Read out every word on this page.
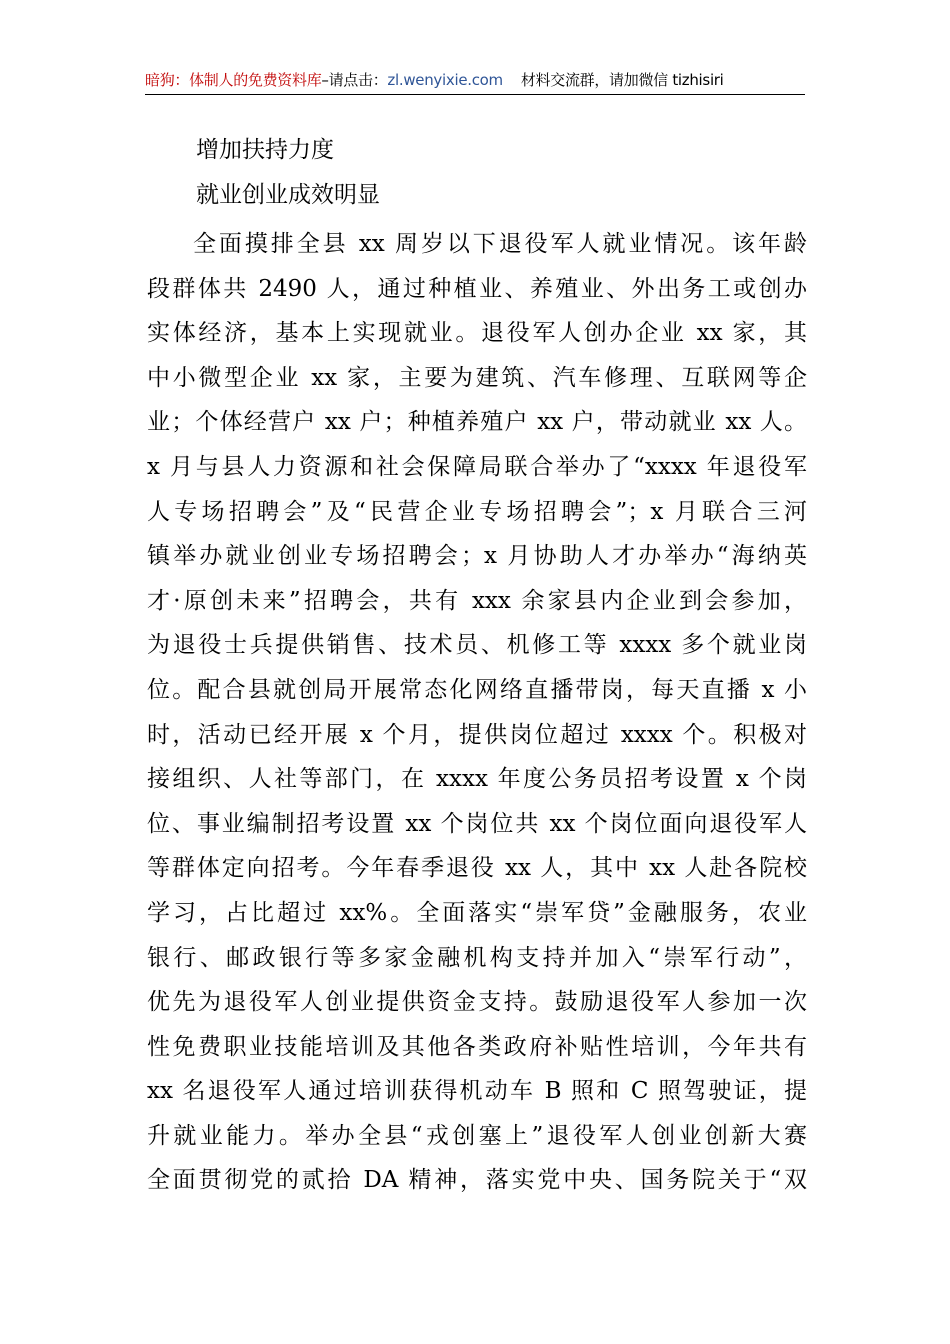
暗狗：体制人的免费资料库–请点击：zl.wenyixie.com 材料交流群，请加微信 tizhisiri
增加扶持力度
就业创业成效明显
全面摸排全县 xx 周岁以下退役军人就业情况。该年龄
段群体共 2490 人，通过种植业、养殖业、外出务工或创办
实体经济，基本上实现就业。退役军人创办企业 xx 家，其
中小微型企业 xx 家，主要为建筑、汽车修理、互联网等企
业；个体经营户 xx 户；种植养殖户 xx 户，带动就业 xx 人。
x 月与县人力资源和社会保障局联合举办了“xxxx 年退役军
人专场招聘会”及“民营企业专场招聘会”；x 月联合三河
镇举办就业创业专场招聘会；x 月协助人才办举办“海纳英
才·原创未来”招聘会，共有 xxx 余家县内企业到会参加，
为退役士兵提供销售、技术员、机修工等 xxxx 多个就业岗
位。配合县就创局开展常态化网络直播带岗，每天直播 x 小
时，活动已经开展 x 个月，提供岗位超过 xxxx 个。积极对
接组织、人社等部门，在 xxxx 年度公务员招考设置 x 个岗
位、事业编制招考设置 xx 个岗位共 xx 个岗位面向退役军人
等群体定向招考。今年春季退役 xx 人，其中 xx 人赴各院校
学习，占比超过 xx%。全面落实“崇军贷”金融服务，农业
银行、邮政银行等多家金融机构支持并加入“崇军行动”，
优先为退役军人创业提供资金支持。鼓励退役军人参加一次
性免费职业技能培训及其他各类政府补贴性培训，今年共有
xx 名退役军人通过培训获得机动车 B 照和 C 照驾驶证，提
升就业能力。举办全县“戎创塞上”退役军人创业创新大赛
全面贯彻党的贰拾 DA 精神，落实党中央、国务院关于“双
